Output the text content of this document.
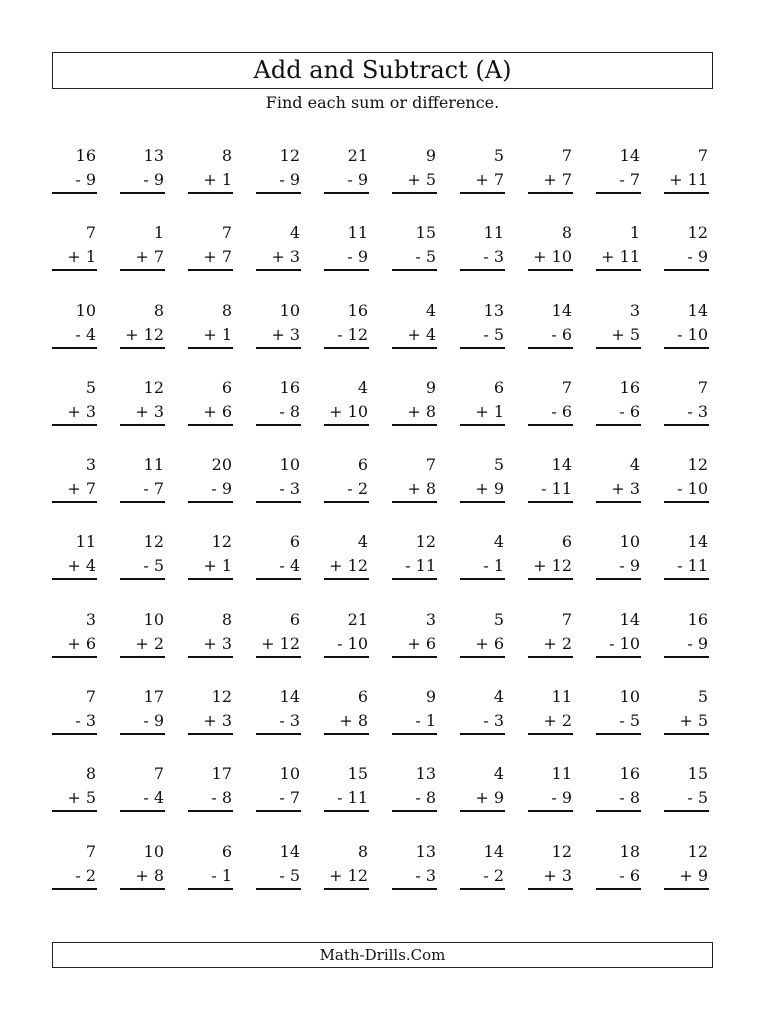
Add and Subtract (A)
Find each sum or difference.
16
- 9
13
- 9
8
+ 1
12
- 9
21
- 9
9
+ 5
5
+ 7
7
+ 7
14
- 7
7
+ 11
7
+ 1
1
+ 7
7
+ 7
4
+ 3
11
- 9
15
- 5
11
- 3
8
+ 10
1
+ 11
12
- 9
10
- 4
8
+ 12
8
+ 1
10
+ 3
16
- 12
4
+ 4
13
- 5
14
- 6
3
+ 5
14
- 10
5
+ 3
12
+ 3
6
+ 6
16
- 8
4
+ 10
9
+ 8
6
+ 1
7
- 6
16
- 6
7
- 3
3
+ 7
11
- 7
20
- 9
10
- 3
6
- 2
7
+ 8
5
+ 9
14
- 11
4
+ 3
12
- 10
11
+ 4
12
- 5
12
+ 1
6
- 4
4
+ 12
12
- 11
4
- 1
6
+ 12
10
- 9
14
- 11
3
+ 6
10
+ 2
8
+ 3
6
+ 12
21
- 10
3
+ 6
5
+ 6
7
+ 2
14
- 10
16
- 9
7
- 3
17
- 9
12
+ 3
14
- 3
6
+ 8
9
- 1
4
- 3
11
+ 2
10
- 5
5
+ 5
8
+ 5
7
- 4
17
- 8
10
- 7
15
- 11
13
- 8
4
+ 9
11
- 9
16
- 8
15
- 5
7
- 2
10
+ 8
6
- 1
14
- 5
8
+ 12
13
- 3
14
- 2
12
+ 3
18
- 6
12
+ 9
Math-Drills.Com
